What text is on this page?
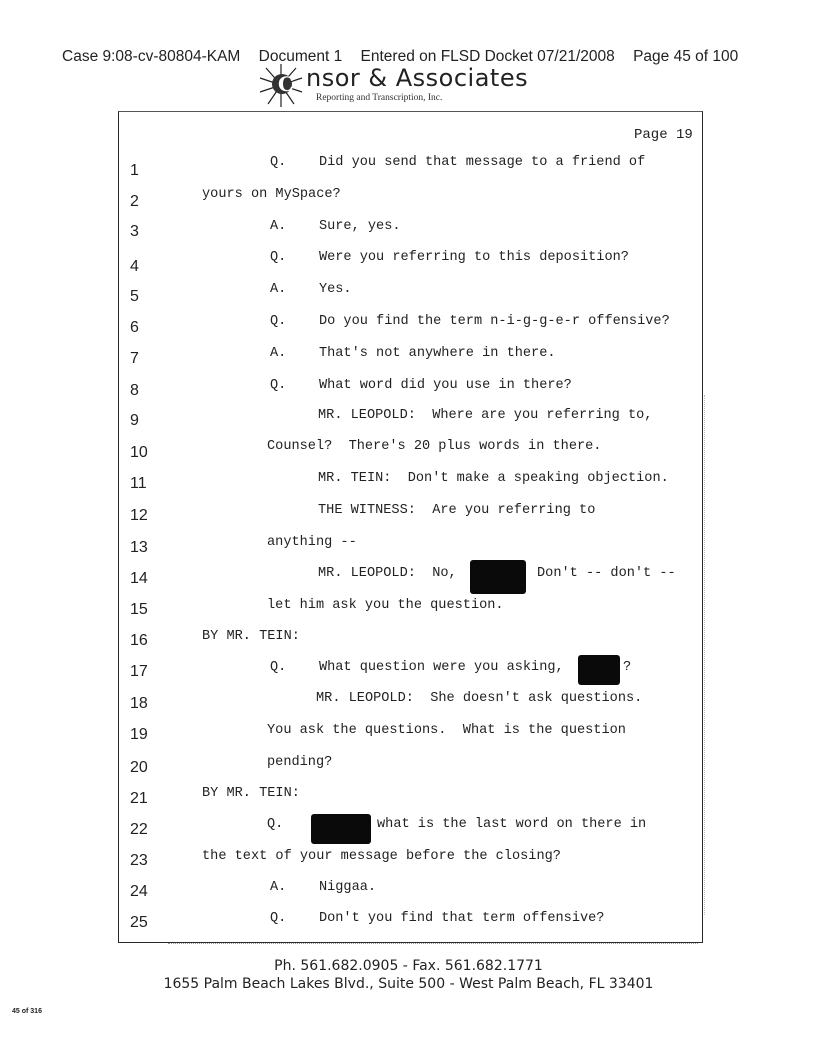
Case 9:08-cv-80804-KAM Document 1 Entered on FLSD Docket 07/21/2008 Page 45 of 100
C nsor & Associates
Reporting and Transcription, Inc.
Page 19
1	Q.    Did you send that message to a friend of
2	yours on MySpace?
3	A.    Sure, yes.
4
Q.    Were you referring to this deposition?
5	A.    Yes.
6	Q.    Do you find the term n-i-g-g-e-r offensive?
7	A.    That's not anywhere in there.
8	Q.    What word did you use in there?
9	MR. LEOPOLD:  Where are you referring to,
10	Counsel?  There's 20 plus words in there.
11	MR. TEIN:  Don't make a speaking objection.
12	THE WITNESS:  Are you referring to
13	anything --
14	MR. LEOPOLD:  No,	Don't -- don't --
15	let him ask you the question.
16	BY MR. TEIN:
17	Q.    What question were you asking,	?
18	MR. LEOPOLD:  She doesn't ask questions.
19	You ask the questions.  What is the question
20	pending?
21	BY MR. TEIN:
22	Q.	what is the last word on there in
23	the text of your message before the closing?
24	A.    Niggaa.
25	Q.    Don't you find that term offensive?
Ph. 561.682.0905 - Fax. 561.682.1771
1655 Palm Beach Lakes Blvd., Suite 500 - West Palm Beach, FL 33401
45 of 316
